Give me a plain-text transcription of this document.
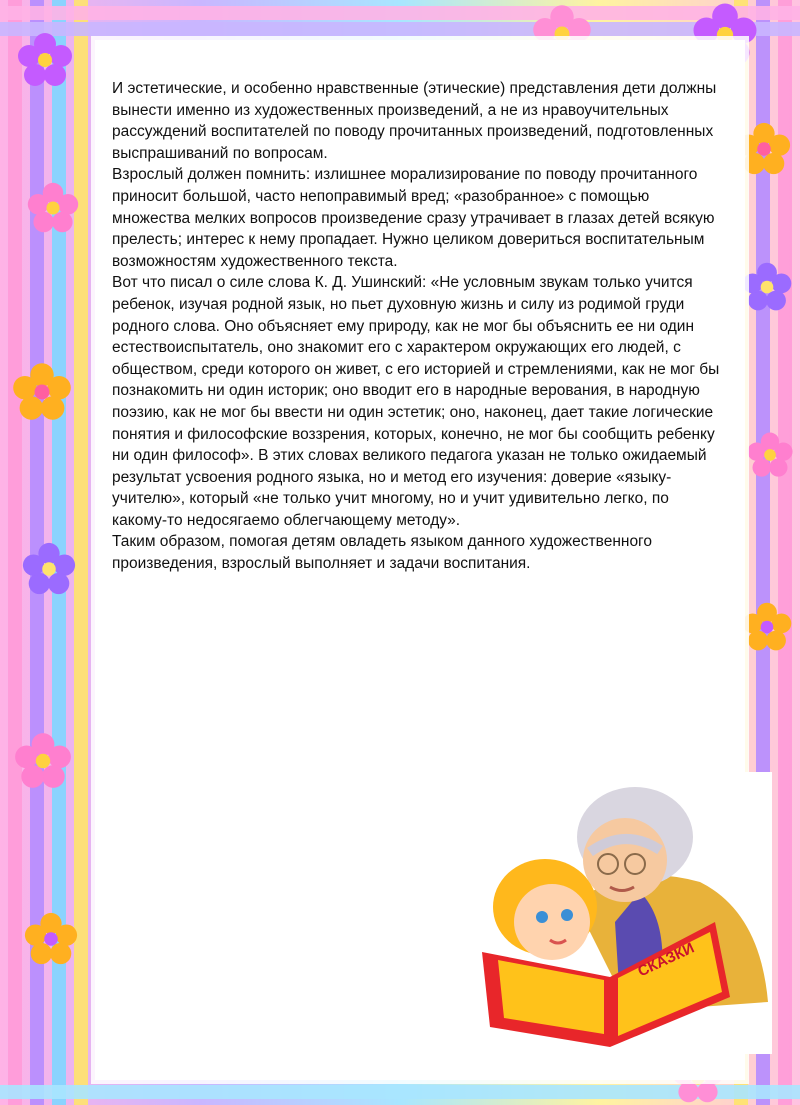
И эстетические, и особенно нравственные (этические) представления дети должны вынести именно из художественных произведений, а не из нравоучительных рассуждений воспитателей по поводу прочитанных произведений, подготовленных выспрашиваний по вопросам.

Взрослый должен помнить: излишнее морализирование по поводу прочитанного приносит большой, часто непоправимый вред; «разобранное» с помощью множества мелких вопросов произведение сразу утрачивает в глазах детей всякую прелесть; интерес к нему пропадает. Нужно целиком довериться воспитательным возможностям художественного текста.

Вот что писал о силе слова К. Д. Ушинский: «Не условным звукам только учится ребенок, изучая родной язык, но пьет духовную жизнь и силу из родимой груди родного слова. Оно объясняет ему природу, как не мог бы объяснить ее ни один естествоиспытатель, оно знакомит его с характером окружающих его людей, с обществом, среди которого он живет, с его историей и стремлениями, как не мог бы познакомить ни один историк; оно вводит его в народные верования, в народную поэзию, как не мог бы ввести ни один эстетик; оно, наконец, дает такие логические понятия и философские воззрения, которых, конечно, не мог бы сообщить ребенку ни один философ». В этих словах великого педагога указан не только ожидаемый результат усвоения родного языка, но и метод его изучения: доверие «языку-учителю», который «не только учит многому, но и учит удивительно легко, по какому-то недосягаемо облегчающему методу».

Таким образом, помогая детям овладеть языком данного художественного произведения, взрослый выполняет и задачи воспитания.

СКАЗКИ
